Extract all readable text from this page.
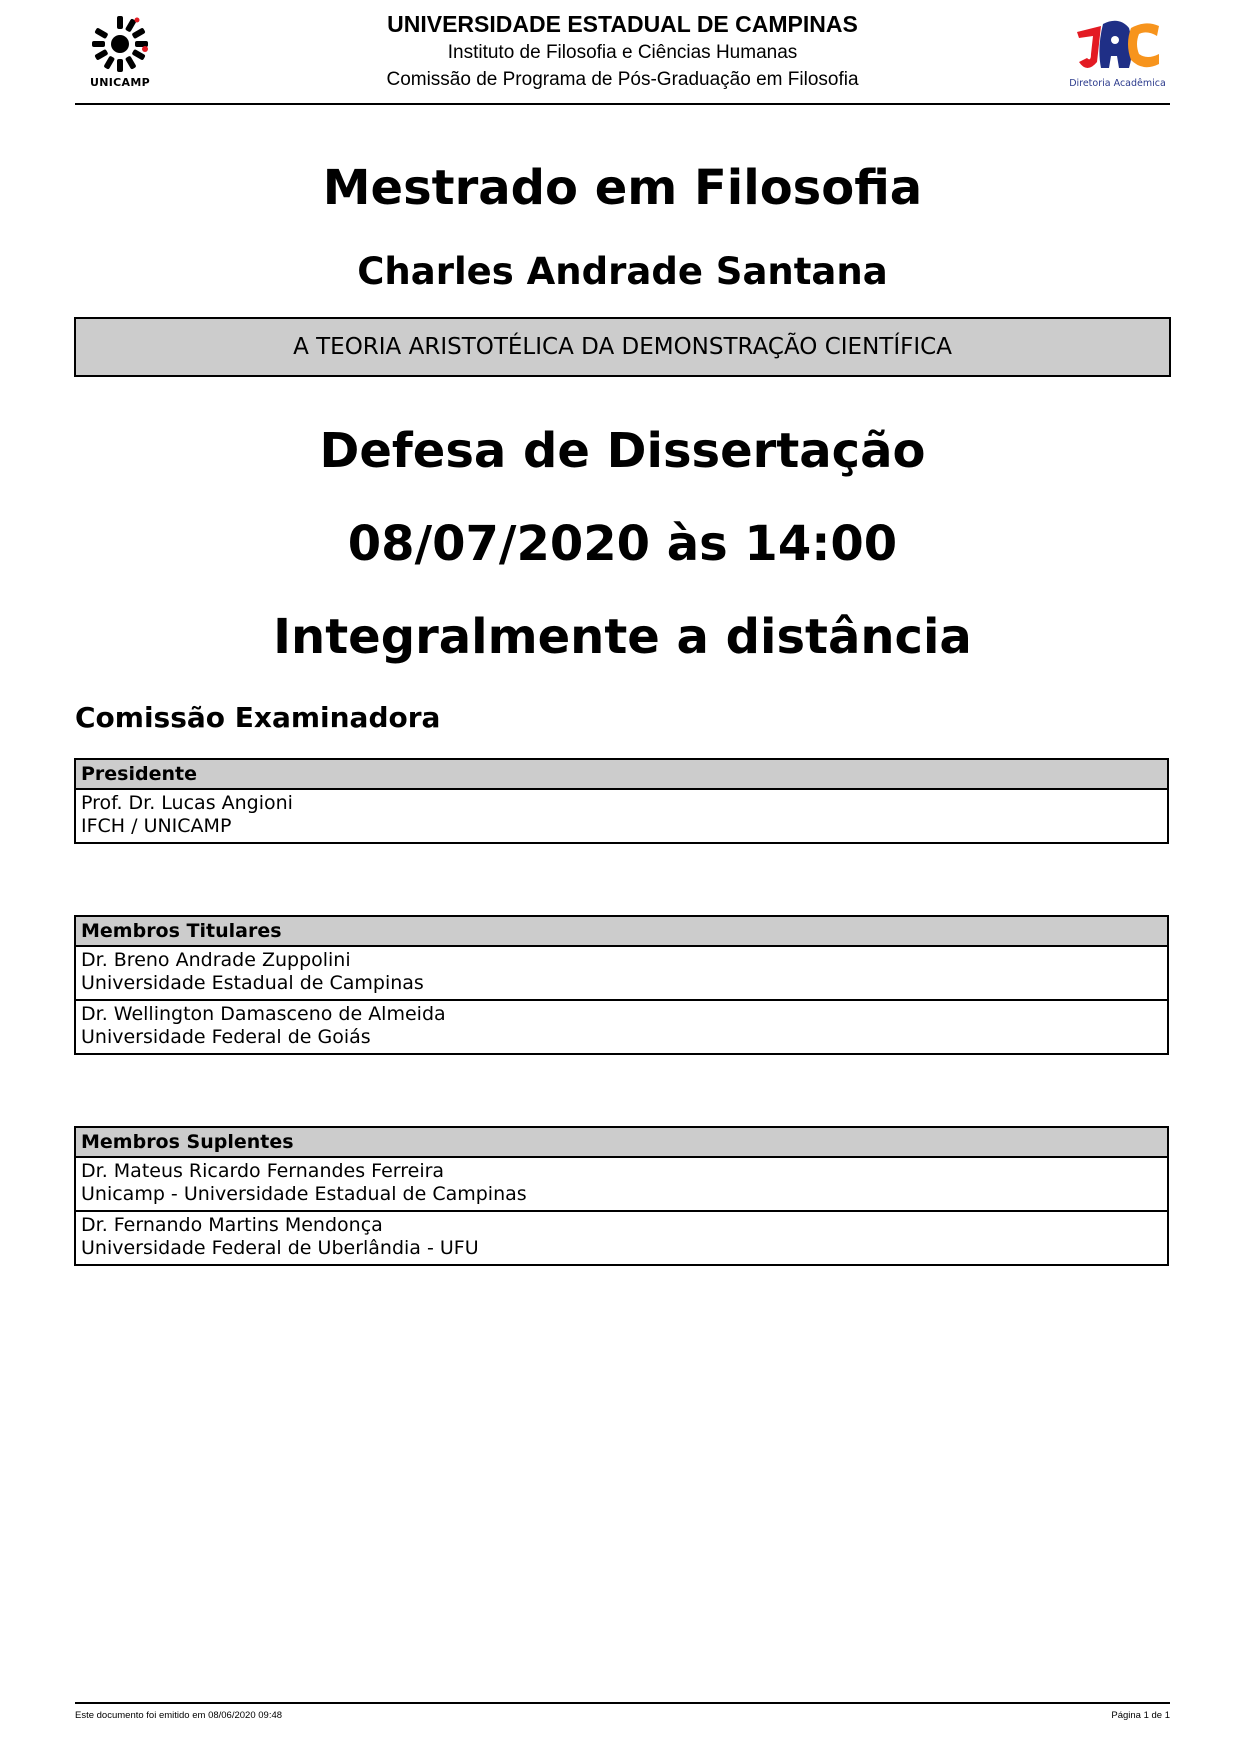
UNICAMP
UNIVERSIDADE ESTADUAL DE CAMPINAS
Instituto de Filosofia e Ciências Humanas
Comissão de Programa de Pós-Graduação em Filosofia	Diretoria Acadêmica
Mestrado em Filosofia
Charles Andrade Santana
A TEORIA ARISTOTÉLICA DA DEMONSTRAÇÃO CIENTÍFICA
Defesa de Dissertação
08/07/2020 às 14:00
Integralmente a distância
Comissão Examinadora
Presidente

Prof. Dr. Lucas Angioni
IFCH / UNICAMP
Membros Titulares

Dr. Breno Andrade Zuppolini
Universidade Estadual de Campinas

Dr. Wellington Damasceno de Almeida
Universidade Federal de Goiás
Membros Suplentes

Dr. Mateus Ricardo Fernandes Ferreira
Unicamp - Universidade Estadual de Campinas

Dr. Fernando Martins Mendonça
Universidade Federal de Uberlândia - UFU
Este documento foi emitido em 08/06/2020 09:48	Página 1 de 1
